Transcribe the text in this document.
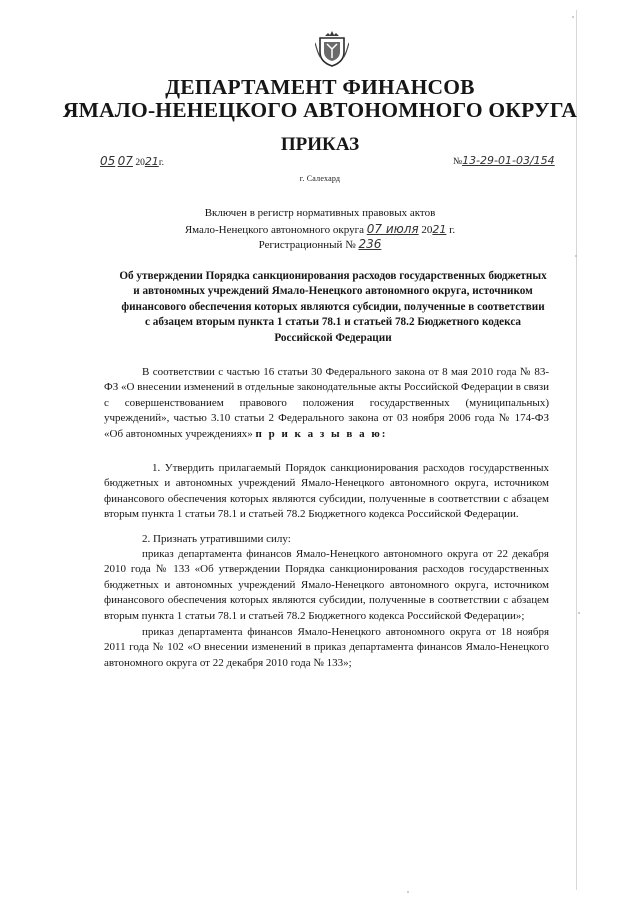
ДЕПАРТАМЕНТ ФИНАНСОВ
ЯМАЛО-НЕНЕЦКОГО АВТОНОМНОГО ОКРУГА
ПРИКАЗ
05 07 2021г.	№13-29-01-03/154
г. Салехард
Включен в регистр нормативных правовых актов
Ямало-Ненецкого автономного округа 07 июля 2021 г.
Регистрационный № 236
Об утверждении Порядка санкционирования расходов государственных бюджетных и автономных учреждений Ямало-Ненецкого автономного округа, источником финансового обеспечения которых являются субсидии, полученные в соответствии с абзацем вторым пункта 1 статьи 78.1 и статьей 78.2 Бюджетного кодекса Российской Федерации

В соответствии с частью 16 статьи 30 Федерального закона от 8 мая 2010 года № 83-ФЗ «О внесении изменений в отдельные законодательные акты Российской Федерации в связи с совершенствованием правового положения государственных (муниципальных) учреждений», частью 3.10 статьи 2 Федерального закона от 03 ноября 2006 года № 174-ФЗ «Об автономных учреждениях» п р и к а з ы в а ю:

1. Утвердить прилагаемый Порядок санкционирования расходов государственных бюджетных и автономных учреждений Ямало-Ненецкого автономного округа, источником финансового обеспечения которых являются субсидии, полученные в соответствии с абзацем вторым пункта 1 статьи 78.1 и статьей 78.2 Бюджетного кодекса Российской Федерации.

2. Признать утратившими силу:

приказ департамента финансов Ямало-Ненецкого автономного округа от 22 декабря 2010 года № 133 «Об утверждении Порядка санкционирования расходов государственных бюджетных и автономных учреждений Ямало-Ненецкого автономного округа, источником финансового обеспечения которых являются субсидии, полученные в соответствии с абзацем вторым пункта 1 статьи 78.1 и статьей 78.2 Бюджетного кодекса Российской Федерации»;

приказ департамента финансов Ямало-Ненецкого автономного округа от 18 ноября 2011 года № 102 «О внесении изменений в приказ департамента финансов Ямало-Ненецкого автономного округа от 22 декабря 2010 года № 133»;
